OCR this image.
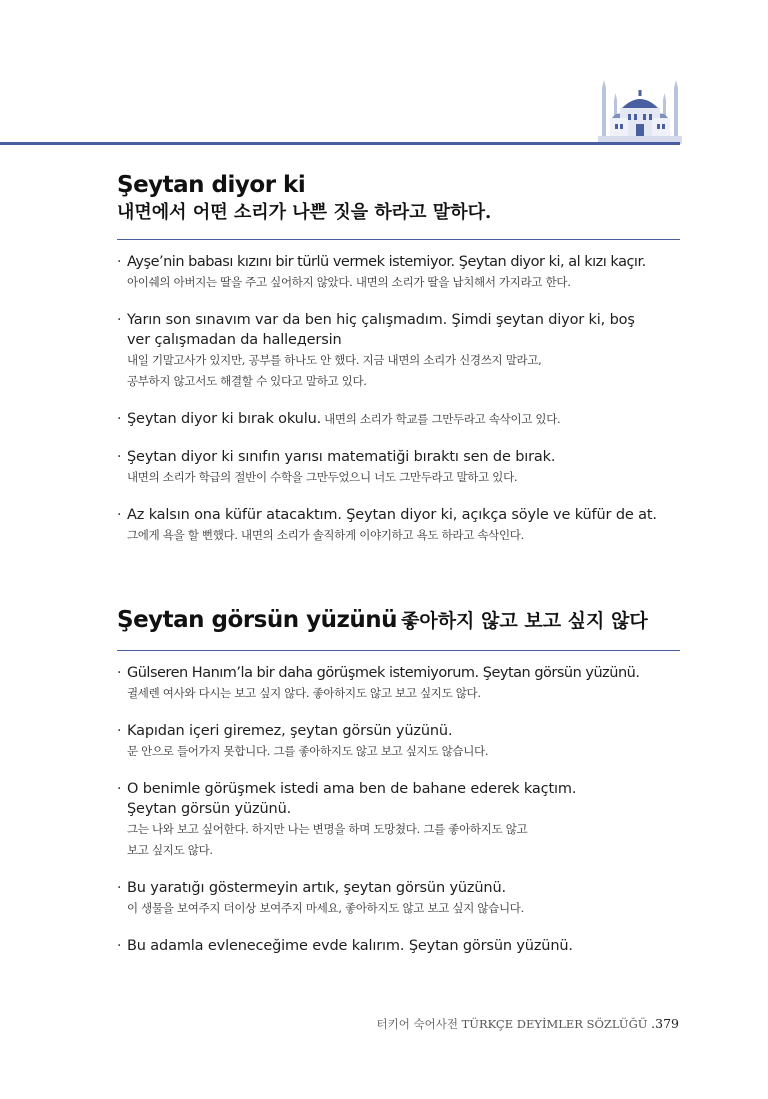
Şeytan diyor ki
내면에서 어떤 소리가 나쁜 짓을 하라고 말하다.
· Ayşe’nin babası kızını bir türlü vermek istemiyor. Şeytan diyor ki, al kızı kaçır.
아이쉐의 아버지는 딸을 주고 싶어하지 않았다. 내면의 소리가 딸을 납치해서 가지라고 한다.
· Yarın son sınavım var da ben hiç çalışmadım. Şimdi şeytan diyor ki, boş
ver çalışmadan da hallедersin
내일 기말고사가 있지만, 공부를 하나도 안 했다. 지금 내면의 소리가 신경쓰지 말라고,
공부하지 않고서도 해결할 수 있다고 말하고 있다.
· Şeytan diyor ki bırak okulu. 내면의 소리가 학교를 그만두라고 속삭이고 있다.
· Şeytan diyor ki sınıfın yarısı matematiği bıraktı sen de bırak.
내면의 소리가 학급의 절반이 수학을 그만두었으니 너도 그만두라고 말하고 있다.
· Az kalsın ona küfür atacaktım. Şeytan diyor ki, açıkça söyle ve küfür de at.
그에게 욕을 할 뻔했다. 내면의 소리가 솔직하게 이야기하고 욕도 하라고 속삭인다.
Şeytan görsün yüzünü 좋아하지 않고 보고 싶지 않다
· Gülseren Hanım’la bir daha görüşmek istemiyorum. Şeytan görsün yüzünü.
귈세렌 여사와 다시는 보고 싶지 않다. 좋아하지도 않고 보고 싶지도 않다.
· Kapıdan içeri giremez, şeytan görsün yüzünü.
문 안으로 들어가지 못합니다. 그를 좋아하지도 않고 보고 싶지도 않습니다.
· O benimle görüşmek istedi ama ben de bahane ederek kaçtım.
Şeytan görsün yüzünü.
그는 나와 보고 싶어한다. 하지만 나는 변명을 하며 도망쳤다. 그를 좋아하지도 않고
보고 싶지도 않다.
· Bu yaratığı göstermeyin artık, şeytan görsün yüzünü.
이 생물을 보여주지 더이상 보여주지 마세요, 좋아하지도 않고 보고 싶지 않습니다.
· Bu adamla evleneceğime evde kalırım. Şeytan görsün yüzünü.
터키어 숙어사전 TÜRKÇE DEYİMLER SÖZLÜĞÜ .379
